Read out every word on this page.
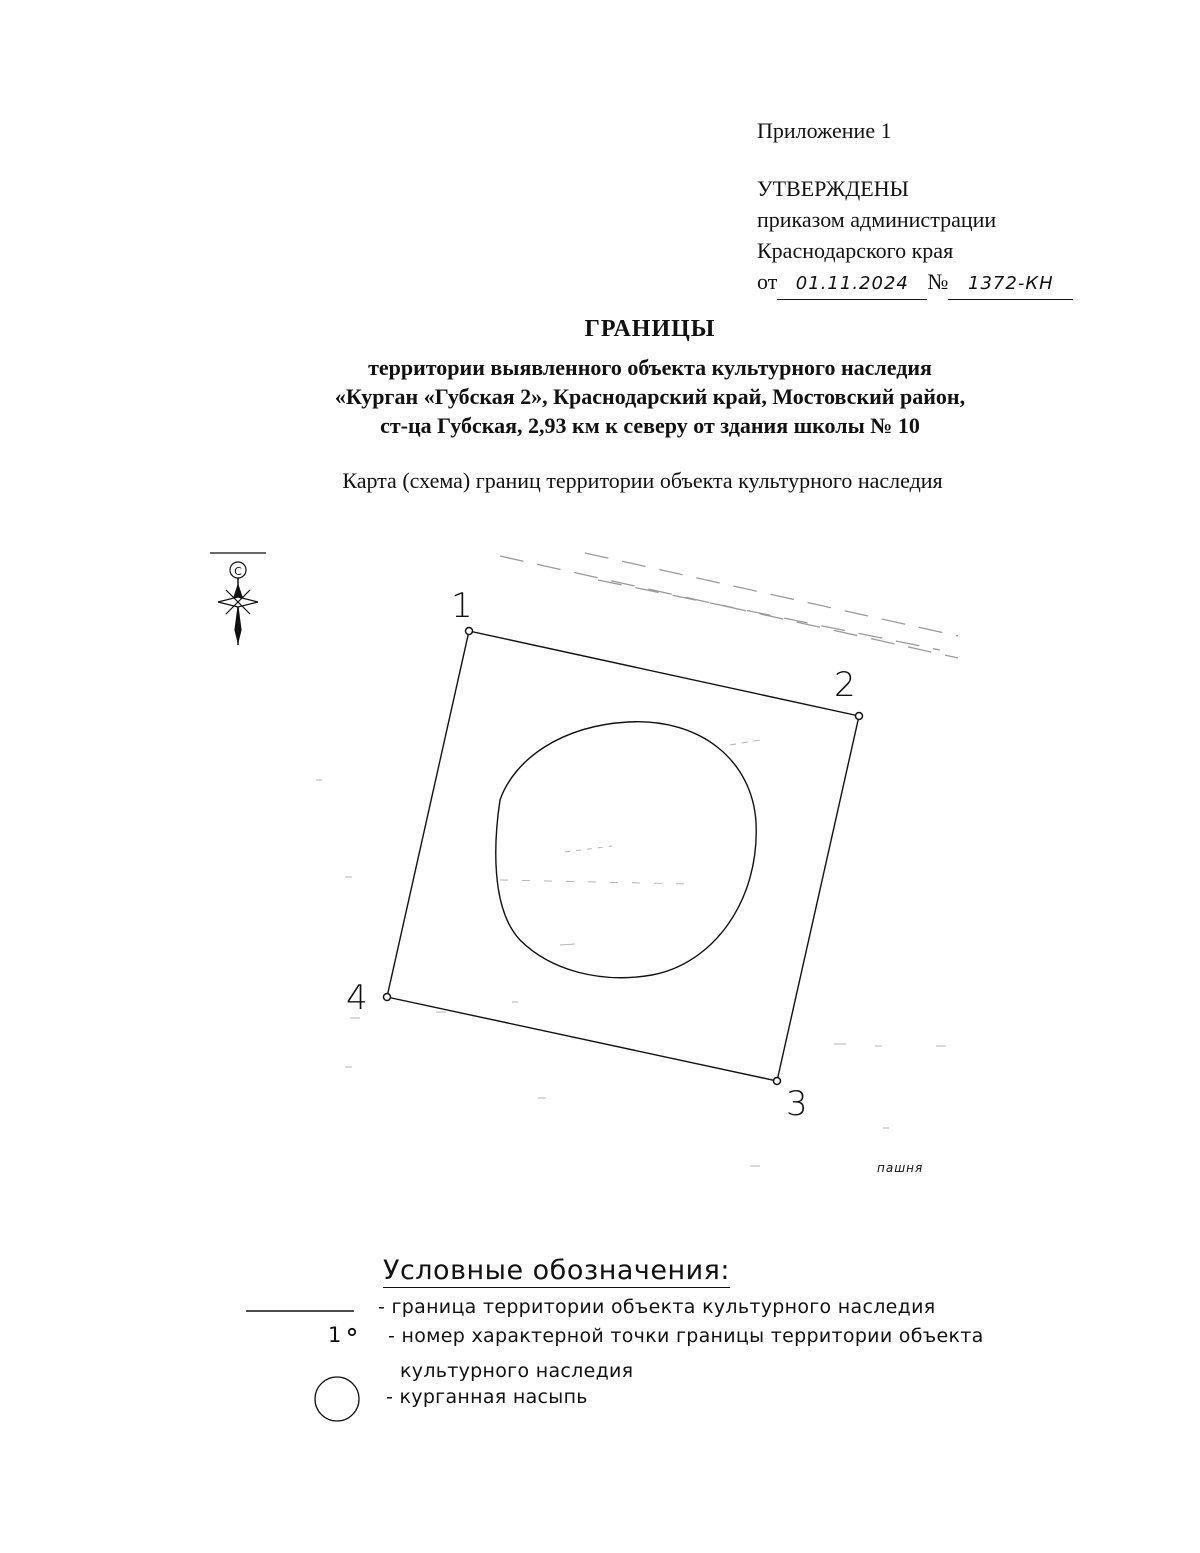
Приложение 1
УТВЕРЖДЕНЫ
приказом администрации
Краснодарского края
от 01.11.2024 № 1372-КН
ГРАНИЦЫ
территории выявленного объекта культурного наследия
«Курган «Губская 2», Краснодарский край, Мостовский район,
ст-ца Губская, 2,93 км к северу от здания школы № 10
Карта (схема) границ территории объекта культурного наследия
С
1
2
3
4
пашня
Условные обозначения:
- граница территории объекта культурного наследия
1 - номер характерной точки границы территории объекта
культурного наследия
- курганная насыпь
